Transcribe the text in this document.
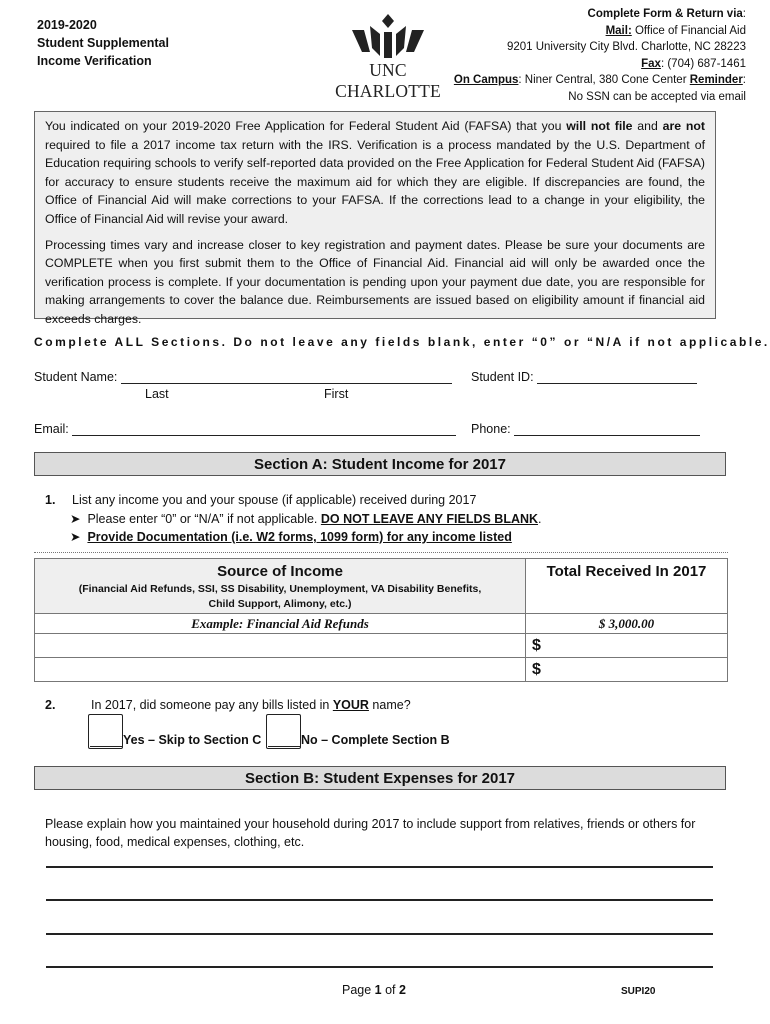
2019-2020
Student Supplemental
Income Verification	UNC CHARLOTTE
Complete Form & Return via:
Mail: Office of Financial Aid
9201 University City Blvd. Charlotte, NC 28223
Fax: (704) 687-1461
On Campus: Niner Central, 380 Cone Center Reminder:
No SSN can be accepted via email

You indicated on your 2019-2020 Free Application for Federal Student Aid (FAFSA) that you will not file and are not required to file a 2017 income tax return with the IRS. Verification is a process mandated by the U.S. Department of Education requiring schools to verify self-reported data provided on the Free Application for Federal Student Aid (FAFSA) for accuracy to ensure students receive the maximum aid for which they are eligible. If discrepancies are found, the Office of Financial Aid will make corrections to your FAFSA. If the corrections lead to a change in your eligibility, the Office of Financial Aid will revise your award.

Processing times vary and increase closer to key registration and payment dates. Please be sure your documents are COMPLETE when you first submit them to the Office of Financial Aid. Financial aid will only be awarded once the verification process is complete. If your documentation is pending upon your payment due date, you are responsible for making arrangements to cover the balance due. Reimbursements are issued based on eligibility amount if financial aid exceeds charges.

Complete ALL Sections. Do not leave any fields blank, enter “0” or “N/A if not applicable.
Student Name:
Last	First
Student ID:
Email:	Phone:
Section A: Student Income for 2017
1. List any income you and your spouse (if applicable) received during 2017
➤ Please enter “0” or “N/A” if not applicable. DO NOT LEAVE ANY FIELDS BLANK.
➤ Provide Documentation (i.e. W2 forms, 1099 form) for any income listed
Source of Income
(Financial Aid Refunds, SSI, SS Disability, Unemployment, VA Disability Benefits, Child Support, Alimony, etc.)	Total Received In 2017

Example: Financial Aid Refunds	$ 3,000.00
	$
	$
2.	In 2017, did someone pay any bills listed in YOUR name?
Yes – Skip to Section C	No – Complete Section B
Section B: Student Expenses for 2017
Please explain how you maintained your household during 2017 to include support from relatives, friends or others for housing, food, medical expenses, clothing, etc.
Page 1 of 2	SUPI20
